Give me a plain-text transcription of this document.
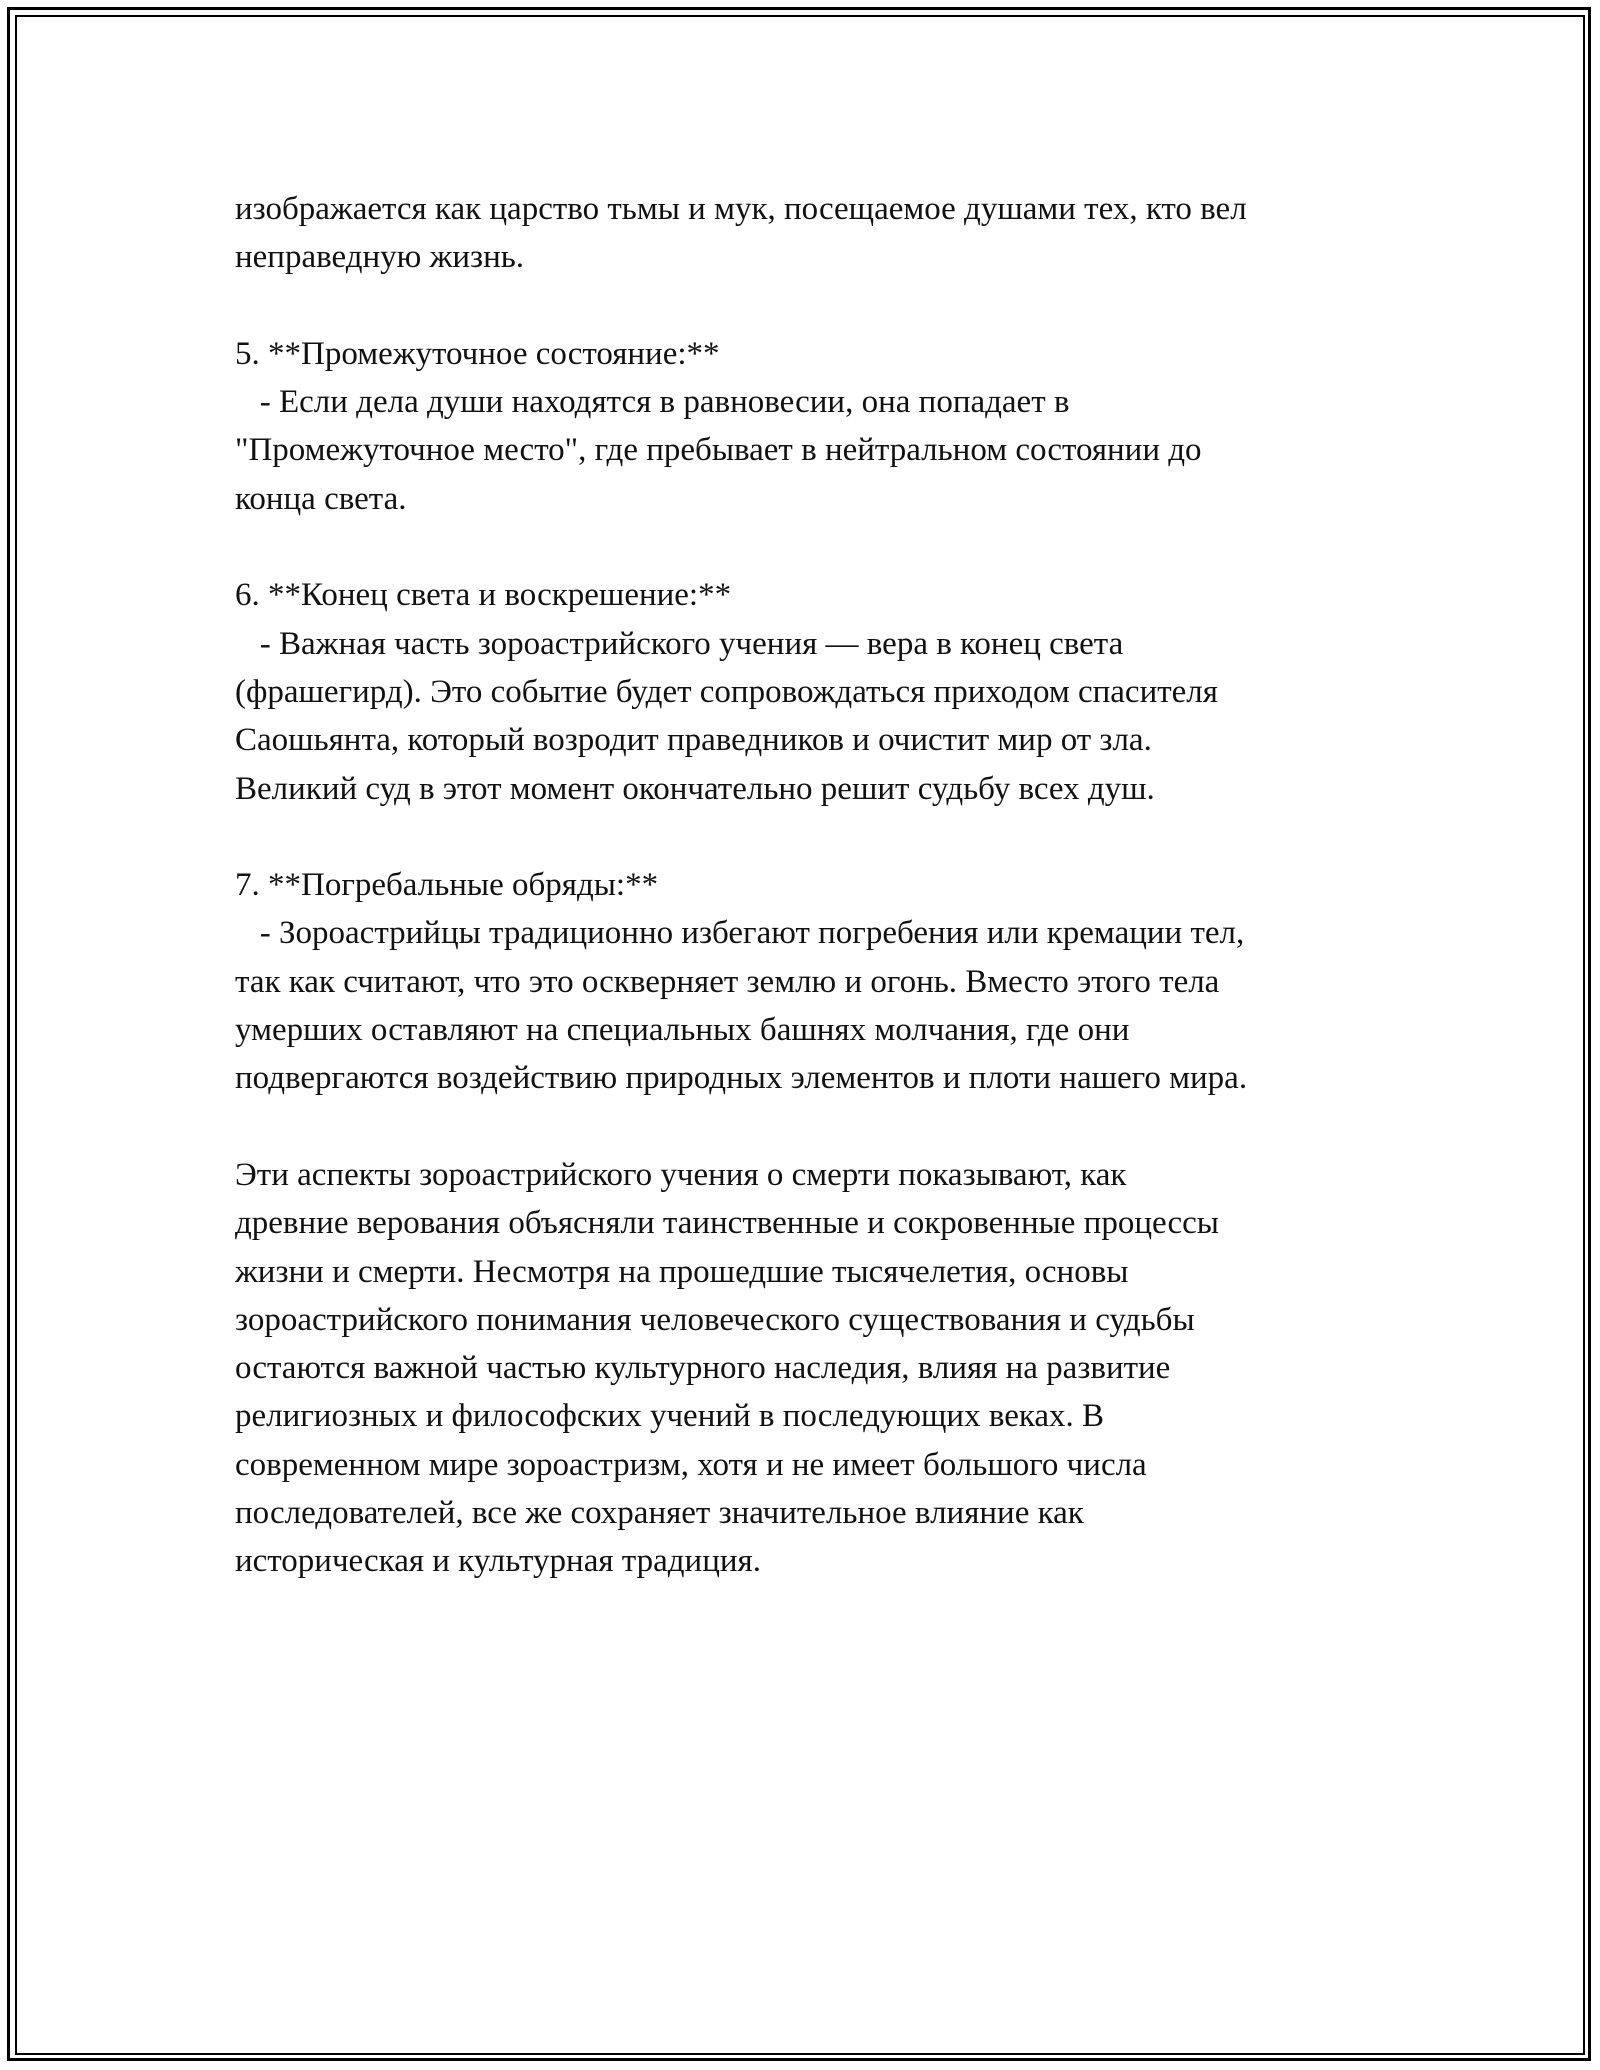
изображается как царство тьмы и мук, посещаемое душами тех, кто вел
неправедную жизнь.
5. **Промежуточное состояние:**
- Если дела души находятся в равновесии, она попадает в
"Промежуточное место", где пребывает в нейтральном состоянии до
конца света.
6. **Конец света и воскрешение:**
- Важная часть зороастрийского учения — вера в конец света
(фрашегирд). Это событие будет сопровождаться приходом спасителя
Саошьянта, который возродит праведников и очистит мир от зла.
Великий суд в этот момент окончательно решит судьбу всех душ.
7. **Погребальные обряды:**
- Зороастрийцы традиционно избегают погребения или кремации тел,
так как считают, что это оскверняет землю и огонь. Вместо этого тела
умерших оставляют на специальных башнях молчания, где они
подвергаются воздействию природных элементов и плоти нашего мира.
Эти аспекты зороастрийского учения о смерти показывают, как
древние верования объясняли таинственные и сокровенные процессы
жизни и смерти. Несмотря на прошедшие тысячелетия, основы
зороастрийского понимания человеческого существования и судьбы
остаются важной частью культурного наследия, влияя на развитие
религиозных и философских учений в последующих веках. В
современном мире зороастризм, хотя и не имеет большого числа
последователей, все же сохраняет значительное влияние как
историческая и культурная традиция.
